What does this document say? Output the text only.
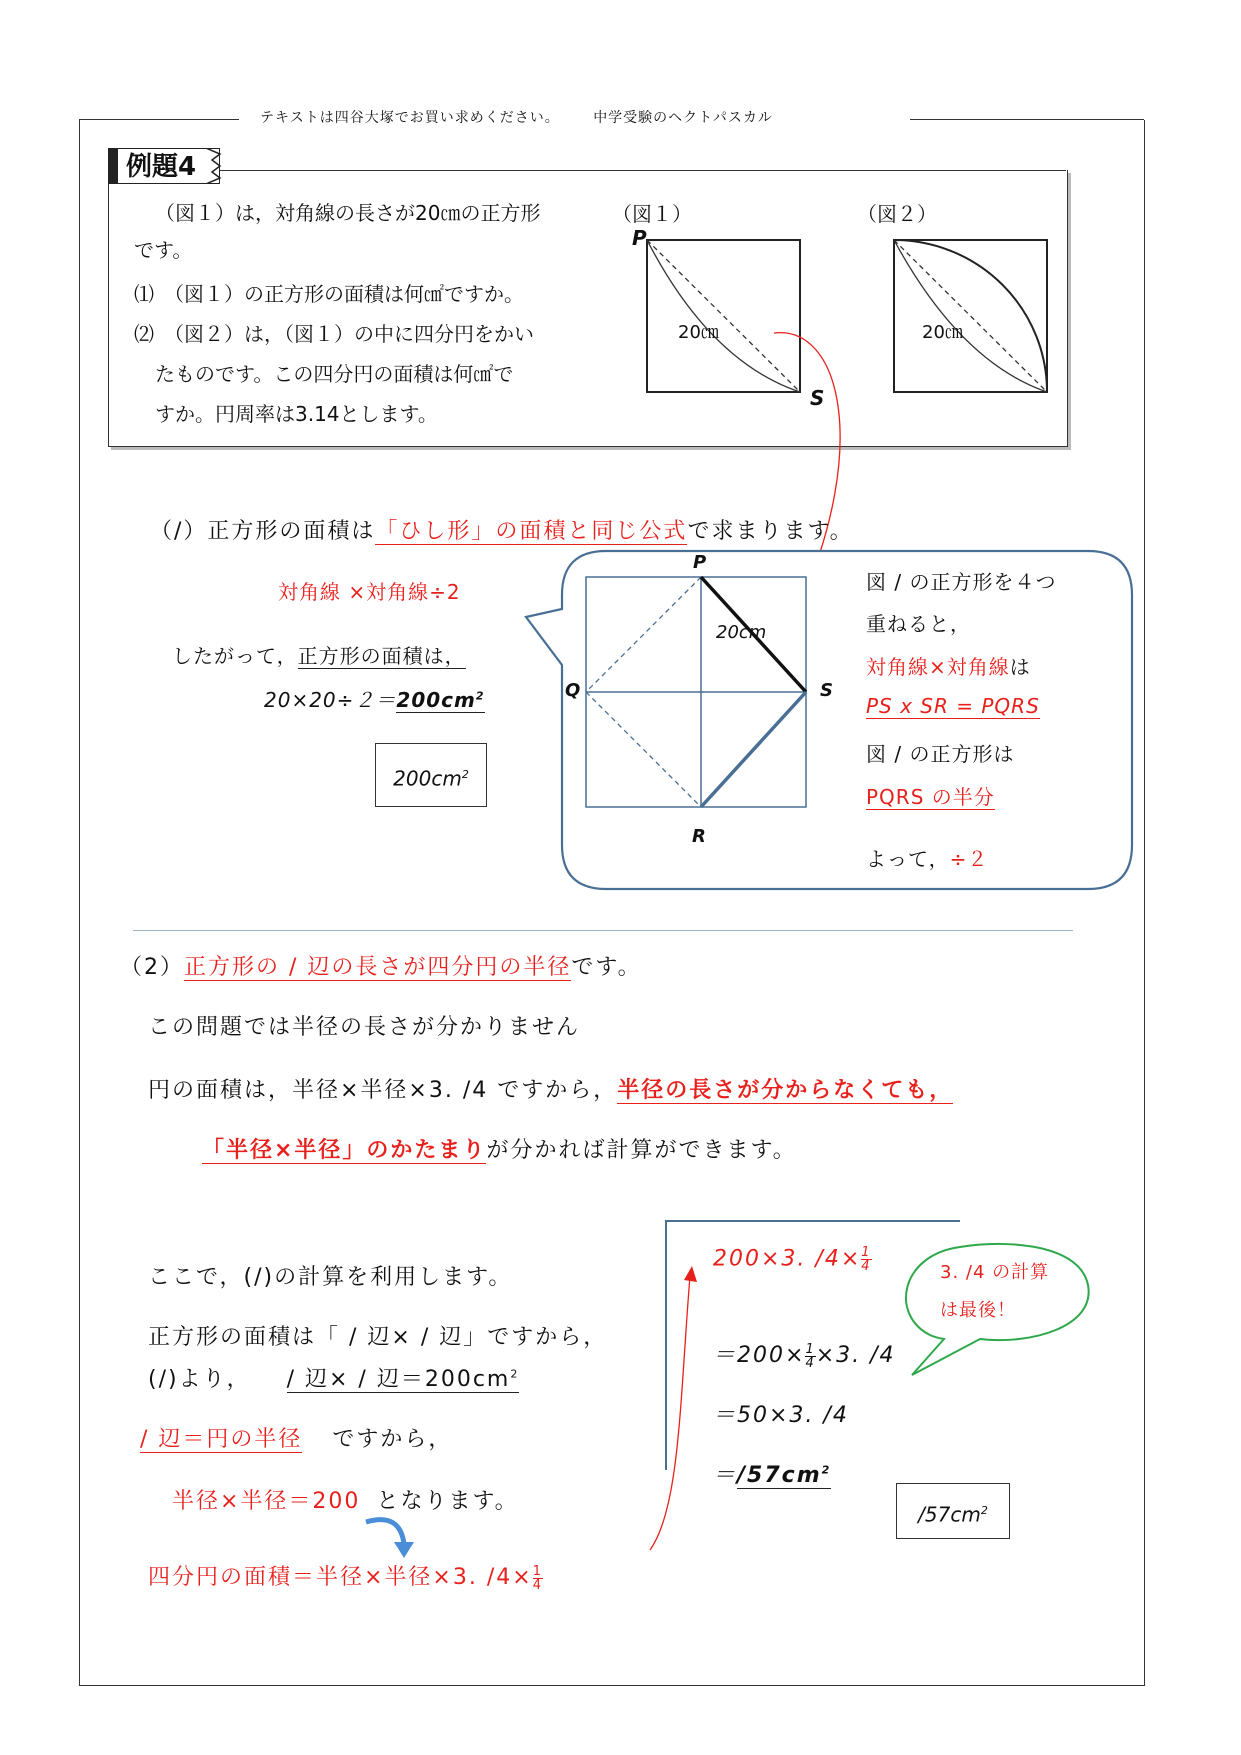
テキストは四谷大塚でお買い求めください。 中学受験のヘクトパスカル
例題4
（図１）は，対角線の長さが20㎝の正方形
です。
⑴　（図１）の正方形の面積は何㎠ですか。
⑵　（図２）は，（図１）の中に四分円をかい
たものです。この四分円の面積は何㎠で
すか。円周率は3.14とします。
（図１）	（図２）
P
S
20㎝	20㎝
（/）正方形の面積は「ひし形」の面積と同じ公式で求まります。
対角線 ×対角線÷2
したがって，正方形の面積は，
$20\times 20\div 2=200cm^2$
$200cm^2$
P
Q
R
S
20cm
図 / の正方形を４つ
重ねると，
対角線×対角線は
PS x SR = PQRS
図 / の正方形は
PQRS の半分
よって，÷２
（2）正方形の / 辺の長さが四分円の半径です。
この問題では半径の長さが分かりません
円の面積は，半径×半径×3. /4 ですから，半径の長さが分からなくても，
「半径×半径」のかたまりが分かれば計算ができます。
ここで，(/)の計算を利用します。
正方形の面積は「 / 辺× / 辺」ですから，
(/)より， / 辺× / 辺$=200cm^2$
/ 辺＝円の半径 ですから，
半径×半径＝200 となります。
四分円の面積＝半径×半径×3. $/4\times \frac{1}{4}$
200×3. $/4\times \frac{1}{4}$
$=200\times \frac{1}{4} \times 3$. /4
＝50×3. /4
$=/57cm^2$
$/57cm^2$
3. /4 の計算
は最後！
